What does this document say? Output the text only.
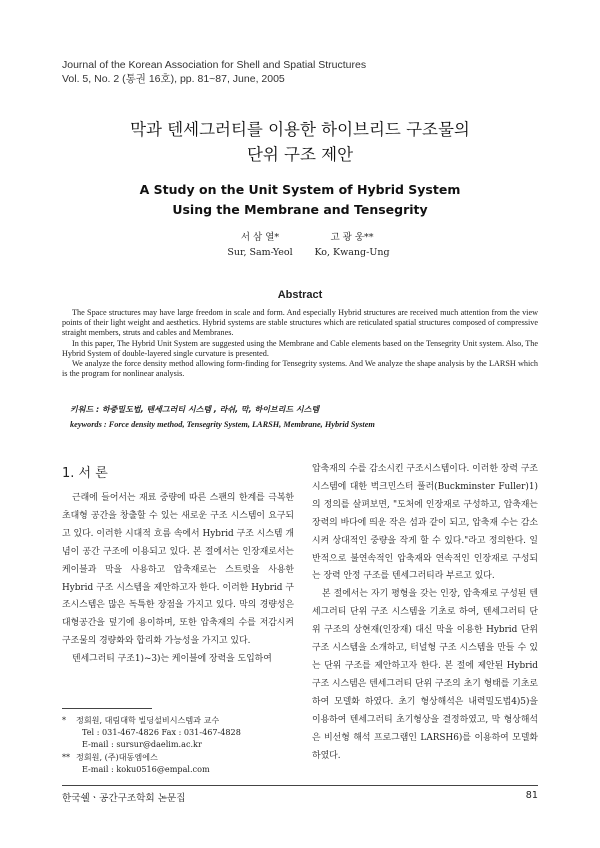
Journal of the Korean Association for Shell and Spatial Structures
Vol. 5, No. 2 (통권 16호), pp. 81~87, June, 2005
막과 텐세그러티를 이용한 하이브리드 구조물의
단위 구조 제안
A Study on the Unit System of Hybrid System
Using the Membrane and Tensegrity
서 삼 열*
Sur, Sam-Yeol
고 광 웅**
Ko, Kwang-Ung
Abstract

The Space structures may have large freedom in scale and form. And especially Hybrid structures are received much attention from the view points of their light weight and aesthetics. Hybrid systems are stable structures which are reticulated spatial structures composed of compressive straight members, struts and cables and Membranes.

In this paper, The Hybrid Unit System are suggested using the Membrane and Cable elements based on the Tensegrity Unit system. Also, The Hybrid System of double-layered single curvature is presented.

We analyze the force density method allowing form-finding for Tensegrity systems. And We analyze the shape analysis by the LARSH which is the program for nonlinear analysis.

키워드 : 하중밀도법, 텐세그러티 시스템 , 라쉬, 막, 하이브리드 시스템
keywords : Force density method, Tensegrity System, LARSH, Membrane, Hybrid System
1. 서 론

근래에 들어서는 재료 중량에 따른 스팬의 한계를 극복한 초대형 공간을 창출할 수 있는 새로운 구조 시스템이 요구되고 있다. 이러한 시대적 흐름 속에서 Hybrid 구조 시스템 개념이 공간 구조에 이용되고 있다. 본 절에서는 인장재로서는 케이블과 막을 사용하고 압축재로는 스트럿을 사용한 Hybrid 구조 시스템을 제안하고자 한다. 이러한 Hybrid 구조시스템은 많은 독특한 장점을 가지고 있다. 막의 경량성은 대형공간을 덮기에 용이하며, 또한 압축재의 수를 저감시켜 구조물의 경량화와 합리화 가능성을 가지고 있다.

텐세그러티 구조1)~3)는 케이블에 장력을 도입하여

* 정회원, 대림대학 빌딩설비시스템과 교수
Tel : 031-467-4826 Fax : 031-467-4828
E-mail : sursur@daelim.ac.kr
** 정회원, (주)대동엠에스
E-mail : koku0516@empal.com

압축재의 수를 감소시킨 구조시스템이다. 이러한 장력 구조 시스템에 대한 벅크민스터 풀러(Buckminster Fuller)1)의 정의를 살펴보면, "도처에 인장재로 구성하고, 압축재는 장력의 바다에 띄운 작은 섬과 같이 되고, 압축재 수는 감소시켜 상대적인 중량을 작게 할 수 있다."라고 정의한다. 일반적으로 불연속적인 압축재와 연속적인 인장재로 구성되는 장력 안정 구조를 텐세그러티라 부르고 있다.

본 절에서는 자기 평형을 갖는 인장, 압축재로 구성된 텐세그러티 단위 구조 시스템을 기초로 하여, 텐세그러티 단위 구조의 상현재(인장재) 대신 막을 이용한 Hybrid 단위 구조 시스템을 소개하고, 터널형 구조 시스템을 만들 수 있는 단위 구조를 제안하고자 한다. 본 절에 제안된 Hybrid 구조 시스템은 텐세그러티 단위 구조의 초기 형태를 기초로 하여 모델화 하였다. 초기 형상해석은 내력밀도법4)5)을 이용하여 텐세그러티 초기형상을 결정하였고, 막 형상해석은 비선형 해석 프로그램인 LARSH6)를 이용하여 모델화하였다.

한국쉘ㆍ공간구조학회 논문집	81
